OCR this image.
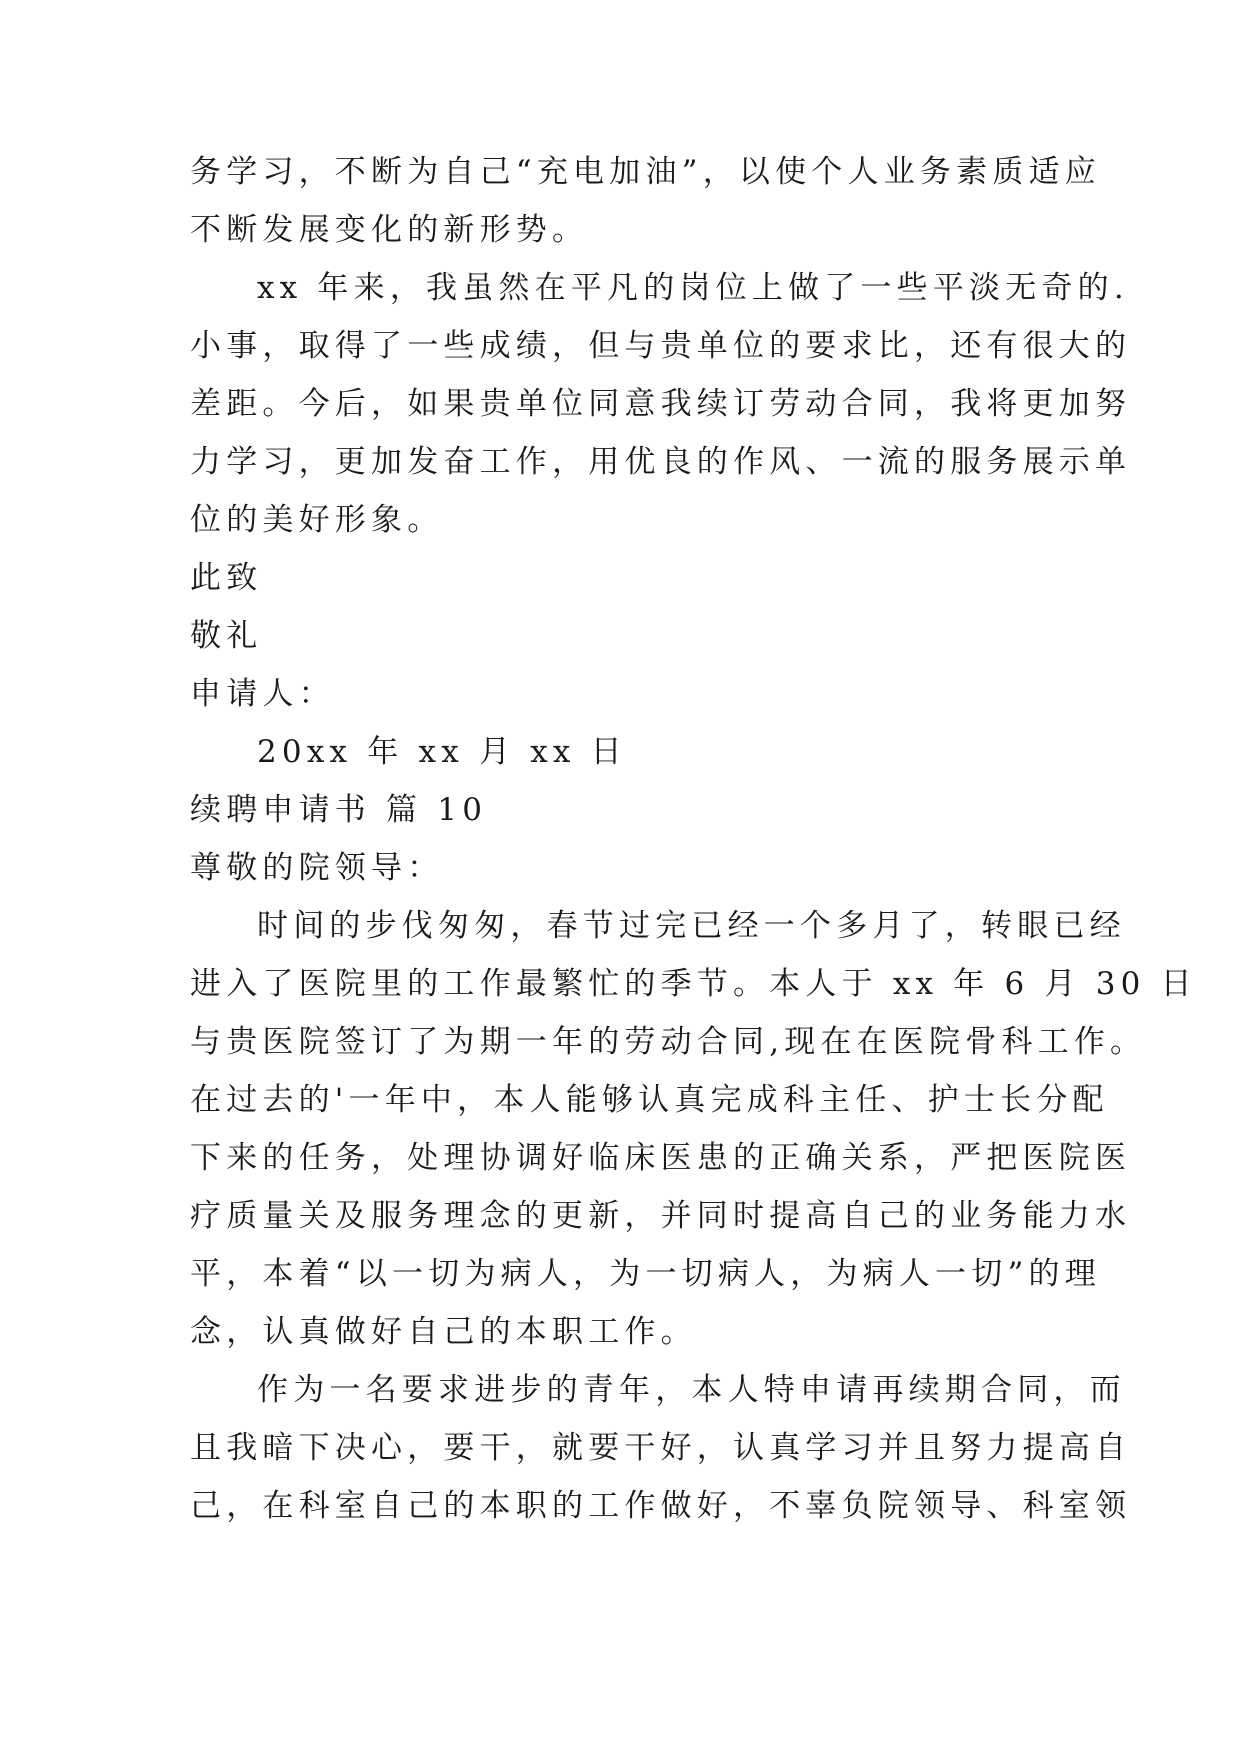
务学习，不断为自己“充电加油”，以使个人业务素质适应
不断发展变化的新形势。
xx 年来，我虽然在平凡的岗位上做了一些平淡无奇的.
小事，取得了一些成绩，但与贵单位的要求比，还有很大的
差距。今后，如果贵单位同意我续订劳动合同，我将更加努
力学习，更加发奋工作，用优良的作风、一流的服务展示单
位的美好形象。
此致
敬礼
申请人：
20xx 年 xx 月 xx 日
续聘申请书 篇 10
尊敬的院领导：
时间的步伐匆匆，春节过完已经一个多月了，转眼已经
进入了医院里的工作最繁忙的季节。本人于 xx 年 6 月 30 日
与贵医院签订了为期一年的劳动合同,现在在医院骨科工作。
在过去的'一年中，本人能够认真完成科主任、护士长分配
下来的任务，处理协调好临床医患的正确关系，严把医院医
疗质量关及服务理念的更新，并同时提高自己的业务能力水
平，本着“以一切为病人，为一切病人，为病人一切”的理
念，认真做好自己的本职工作。
作为一名要求进步的青年，本人特申请再续期合同，而
且我暗下决心，要干，就要干好，认真学习并且努力提高自
己，在科室自己的本职的工作做好，不辜负院领导、科室领
